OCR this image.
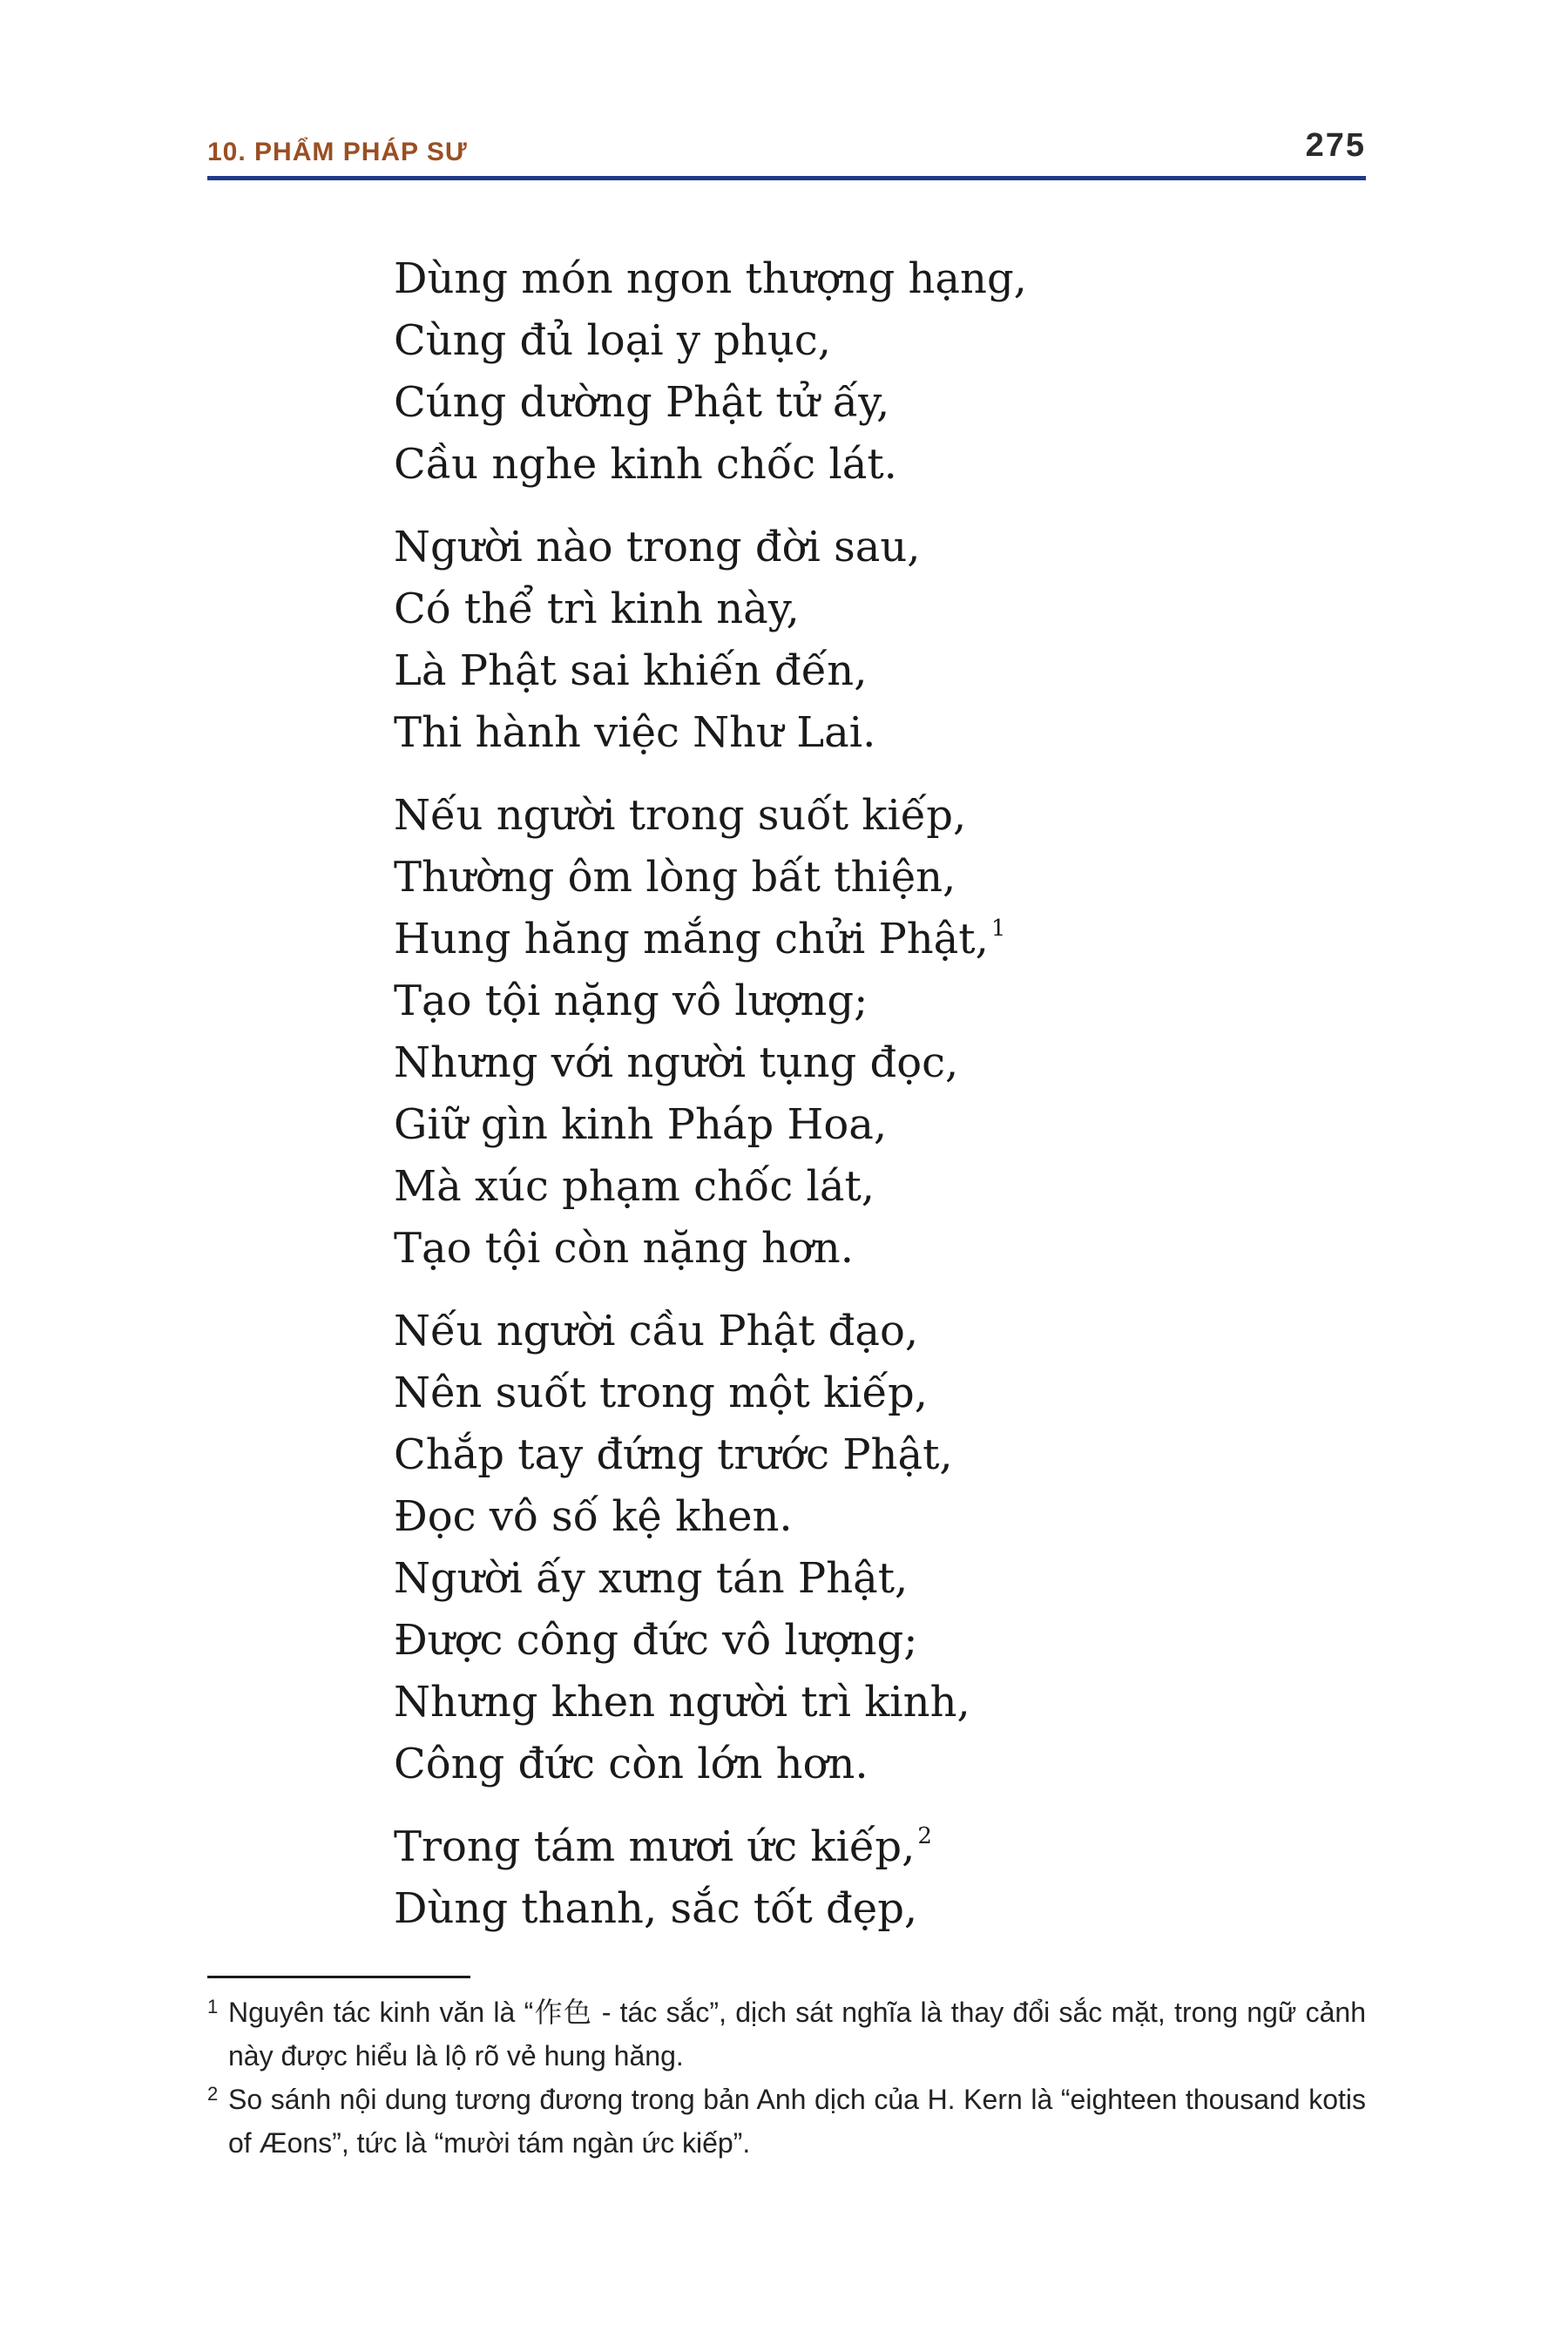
10. PHẨM PHÁP SƯ	275
Dùng món ngon thượng hạng,
Cùng đủ loại y phục,
Cúng dường Phật tử ấy,
Cầu nghe kinh chốc lát.
Người nào trong đời sau,
Có thể trì kinh này,
Là Phật sai khiến đến,
Thi hành việc Như Lai.
Nếu người trong suốt kiếp,
Thường ôm lòng bất thiện,
Hung hăng mắng chửi Phật, $^1$
Tạo tội nặng vô lượng;
Nhưng với người tụng đọc,
Giữ gìn kinh Pháp Hoa,
Mà xúc phạm chốc lát,
Tạo tội còn nặng hơn.
Nếu người cầu Phật đạo,
Nên suốt trong một kiếp,
Chắp tay đứng trước Phật,
Đọc vô số kệ khen.
Người ấy xưng tán Phật,
Được công đức vô lượng;
Nhưng khen người trì kinh,
Công đức còn lớn hơn.
Trong tám mươi ức kiếp, $^2$
Dùng thanh, sắc tốt đẹp,
1 Nguyên tác kinh văn là “作色 - tác sắc”, dịch sát nghĩa là thay đổi sắc mặt, trong ngữ cảnh này được hiểu là lộ rõ vẻ hung hăng.
2 So sánh nội dung tương đương trong bản Anh dịch của H. Kern là “eighteen thousand kotis of Æons”, tức là “mười tám ngàn ức kiếp”.
